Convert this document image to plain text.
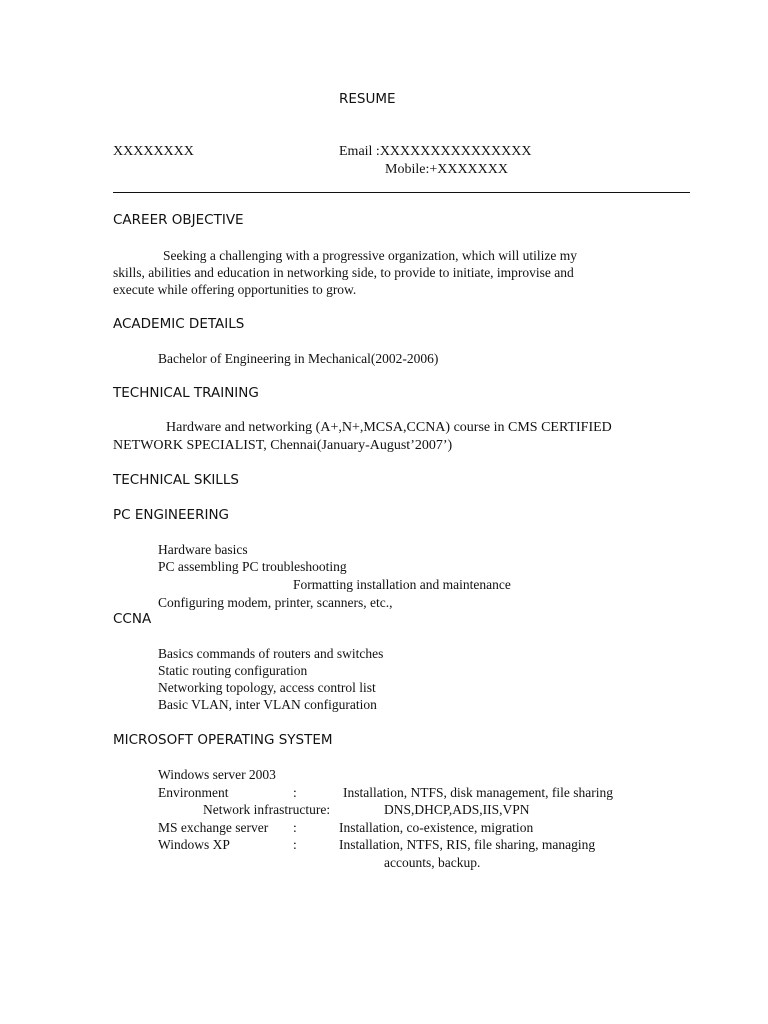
RESUME
XXXXXXXX	Email :XXXXXXXXXXXXXXX
Mobile:+XXXXXXX
CAREER OBJECTIVE
Seeking a challenging with a progressive organization, which will utilize my
skills, abilities and education in networking side, to provide to initiate, improvise and
execute while offering opportunities to grow.
ACADEMIC DETAILS
Bachelor of Engineering in Mechanical(2002-2006)
TECHNICAL TRAINING
Hardware and networking (A+,N+,MCSA,CCNA) course in CMS CERTIFIED
NETWORK SPECIALIST, Chennai(January-August’2007’)
TECHNICAL SKILLS
PC ENGINEERING
Hardware basics
PC assembling PC troubleshooting
Formatting installation and maintenance
Configuring modem, printer, scanners, etc.,
CCNA
Basics commands of routers and switches
Static routing configuration
Networking topology, access control list
Basic VLAN, inter VLAN configuration
MICROSOFT OPERATING SYSTEM
Windows server 2003
Environment	:	Installation, NTFS, disk management, file sharing
Network infrastructure:	DNS,DHCP,ADS,IIS,VPN
MS exchange server :	Installation, co-existence, migration
Windows XP	:	Installation, NTFS, RIS, file sharing, managing
accounts, backup.
